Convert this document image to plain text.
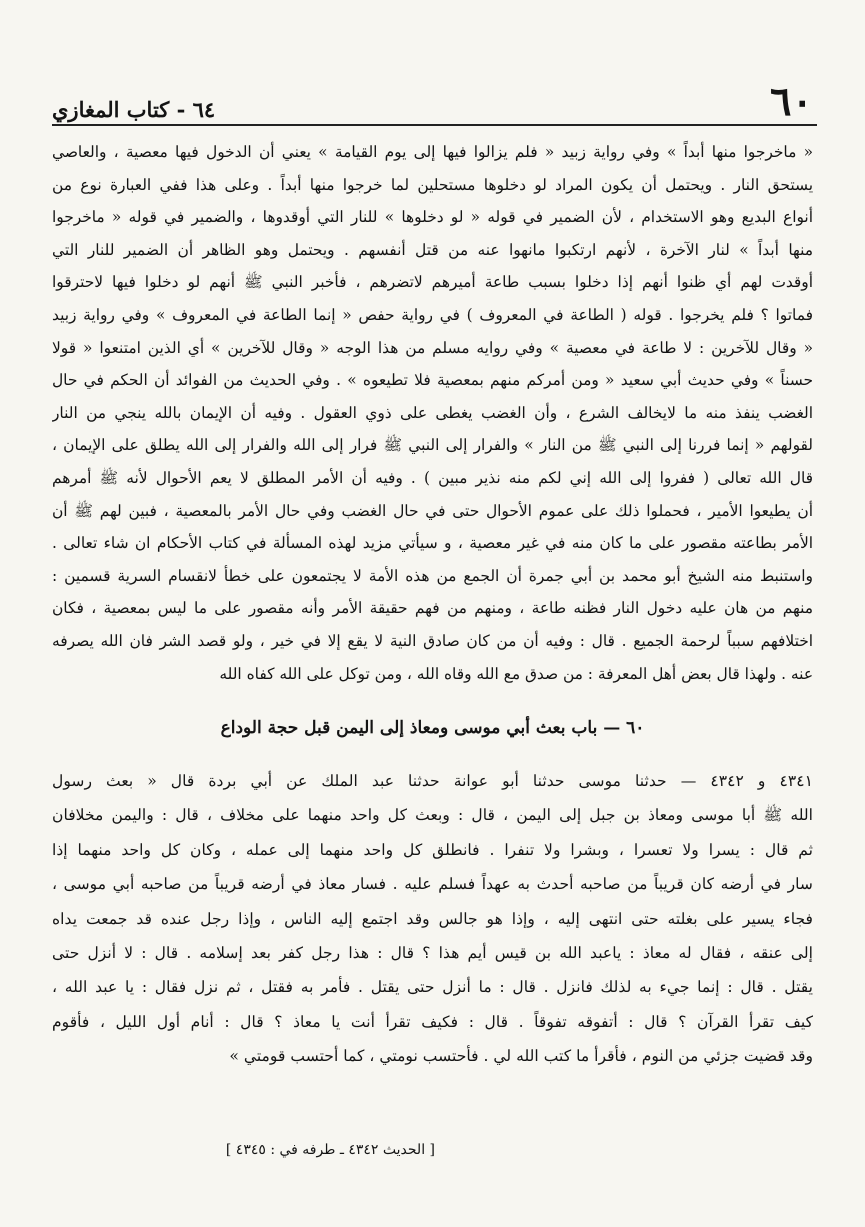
٦٠
٦٤ - كتاب المغازي
« ماخرجوا منها أبداً » وفي رواية زبيد « فلم يزالوا فيها إلى يوم القيامة » يعني أن الدخول فيها معصية ، والعاصي
يستحق النار . ويحتمل أن يكون المراد لو دخلوها مستحلين لما خرجوا منها أبداً . وعلى هذا ففي العبارة نوع من
أنواع البديع وهو الاستخدام ، لأن الضمير في قوله « لو دخلوها » للنار التي أوقدوها ، والضمير في قوله « ماخرجوا
منها أبداً » لنار الآخرة ، لأنهم ارتكبوا مانهوا عنه من قتل أنفسهم . ويحتمل وهو الظاهر أن الضمير للنار التي
أوقدت لهم أي ظنوا أنهم إذا دخلوا بسبب طاعة أميرهم لاتضرهم ، فأخبر النبي ﷺ أنهم لو دخلوا فيها لاحترقوا
فماتوا ؟ فلم يخرجوا . قوله ( الطاعة في المعروف ) في رواية حفص « إنما الطاعة في المعروف » وفي رواية زبيد
« وقال للآخرين : لا طاعة في معصية » وفي روايه مسلم من هذا الوجه « وقال للآخرين » أي الذين امتنعوا « قولا
حسناً » وفي حديث أبي سعيد « ومن أمركم منهم بمعصية فلا تطيعوه » . وفي الحديث من الفوائد أن الحكم في حال
الغضب ينفذ منه ما لايخالف الشرع ، وأن الغضب يغطى على ذوي العقول . وفيه أن الإيمان بالله ينجي من النار
لقولهم « إنما فررنا إلى النبي ﷺ من النار » والفرار إلى النبي ﷺ فرار إلى الله والفرار إلى الله يطلق على الإيمان ،
قال الله تعالى ( ففروا إلى الله إني لكم منه نذير مبين ) . وفيه أن الأمر المطلق لا يعم الأحوال لأنه ﷺ أمرهم
أن يطيعوا الأمير ، فحملوا ذلك على عموم الأحوال حتى في حال الغضب وفي حال الأمر بالمعصية ، فبين لهم ﷺ أن
الأمر بطاعته مقصور على ما كان منه في غير معصية ، و سيأتي مزيد لهذه المسألة في كتاب الأحكام ان شاء تعالى .
واستنبط منه الشيخ أبو محمد بن أبي جمرة أن الجمع من هذه الأمة لا يجتمعون على خطأ لانقسام السرية قسمين :
منهم من هان عليه دخول النار فظنه طاعة ، ومنهم من فهم حقيقة الأمر وأنه مقصور على ما ليس بمعصية ، فكان
اختلافهم سبباً لرحمة الجميع . قال : وفيه أن من كان صادق النية لا يقع إلا في خير ، ولو قصد الشر فان الله يصرفه
عنه . ولهذا قال بعض أهل المعرفة : من صدق مع الله وقاه الله ، ومن توكل على الله كفاه الله
٦٠ — باب بعث أبي موسى ومعاذ إلى اليمن قبل حجة الوداع
٤٣٤١ و ٤٣٤٢ — حدثنا موسى حدثنا أبو عوانة حدثنا عبد الملك عن أبي بردة قال « بعث رسول
الله ﷺ أبا موسى ومعاذ بن جبل إلى اليمن ، قال : وبعث كل واحد منهما على مخلاف ، قال : واليمن مخلافان
ثم قال : يسرا ولا تعسرا ، وبشرا ولا تنفرا . فانطلق كل واحد منهما إلى عمله ، وكان كل واحد منهما إذا
سار في أرضه كان قريباً من صاحبه أحدث به عهداً فسلم عليه . فسار معاذ في أرضه قريباً من صاحبه أبي موسى ،
فجاء يسير على بغلته حتى انتهى إليه ، وإذا هو جالس وقد اجتمع إليه الناس ، وإذا رجل عنده قد جمعت يداه
إلى عنقه ، فقال له معاذ : ياعبد الله بن قيس أيم هذا ؟ قال : هذا رجل كفر بعد إسلامه . قال : لا أنزل حتى
يقتل . قال : إنما جيء به لذلك فانزل . قال : ما أنزل حتى يقتل . فأمر به فقتل ، ثم نزل فقال : يا عبد الله ،
كيف تقرأ القرآن ؟ قال : أتفوقه تفوقاً . قال : فكيف تقرأ أنت يا معاذ ؟ قال : أنام أول الليل ، فأقوم
وقد قضيت جزئي من النوم ، فأقرأ ما كتب الله لي . فأحتسب نومتي ، كما أحتسب قومتي »
[ الحديث ٤٣٤٢ ـ طرفه في : ٤٣٤٥ ]
